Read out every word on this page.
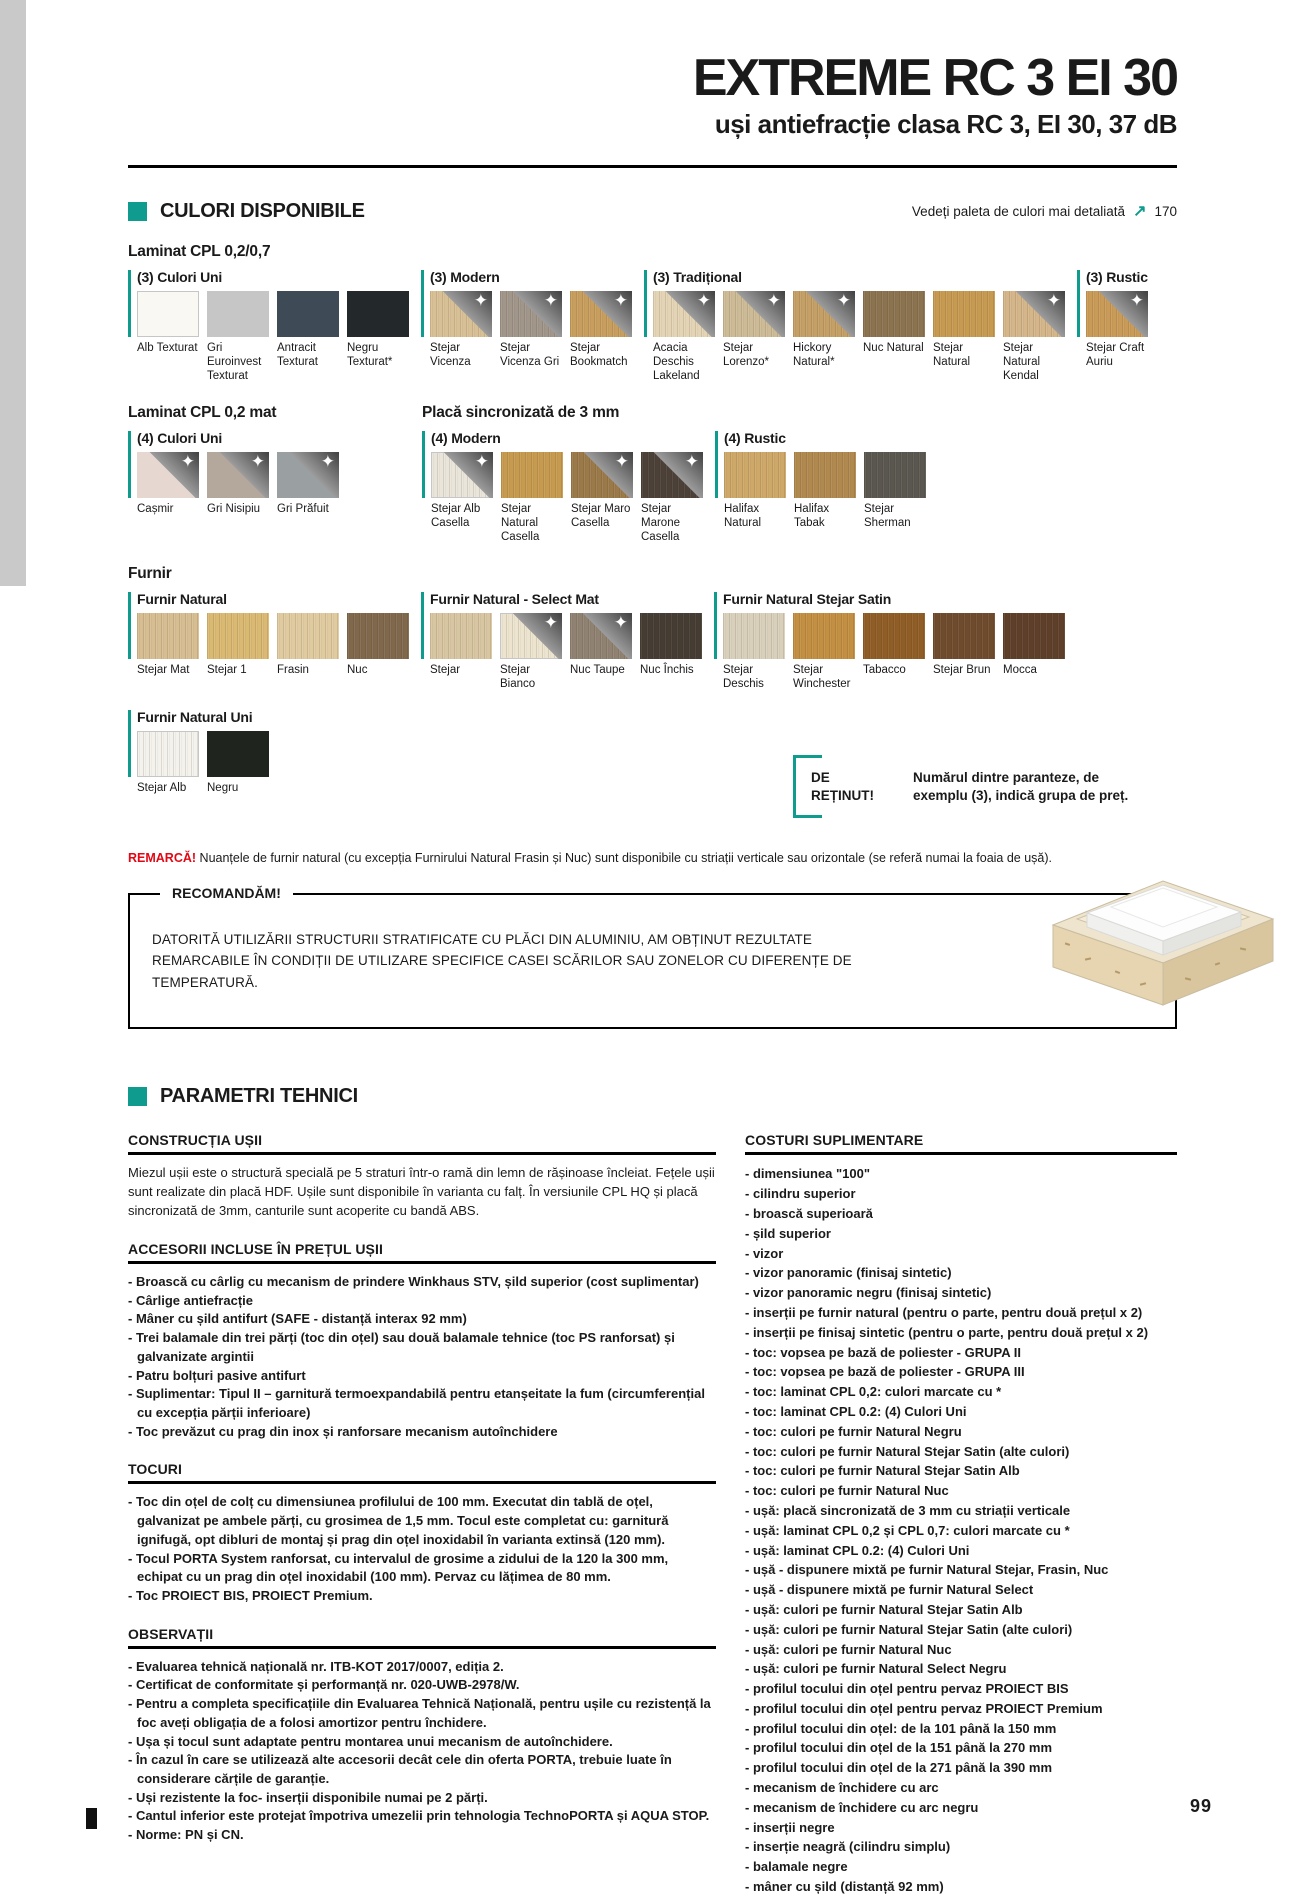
EXTREME RC 3 EI 30
uși antiefracție clasa RC 3, EI 30, 37 dB
CULORI DISPONIBILE	Vedeți paleta de culori mai detaliată ↗ 170
Laminat CPL 0,2/0,7
(3) Culori Uni
Alb Texturat Gri Euroinvest Texturat
Antracit Texturat
Negru Texturat*
(3) Modern
✦	✦	✦
Stejar Vicenza
Stejar Vicenza Gri
Stejar Bookmatch
(3) Tradițional
✦	✦	✦	✦
Acacia Deschis Lakeland
Stejar Lorenzo*
Hickory Natural*
Nuc Natural Stejar Natural
Stejar Natural Kendal
(3) Rustic
✦
Stejar Craft Auriu
Laminat CPL 0,2 mat
(4) Culori Uni
✦	✦	✦
Cașmir	Gri Nisipiu	Gri Prăfuit
Placă sincronizată de 3 mm
(4) Modern
✦	✦	✦
Stejar Alb Casella
Stejar Natural Casella
Stejar Maro Casella
Stejar Marone Casella
(4) Rustic
Halifax Natural
Halifax Tabak
Stejar Sherman
Furnir
Furnir Natural
Stejar Mat	Stejar 1	Frasin	Nuc
Furnir Natural - Select Mat
✦	✦
Stejar	Stejar Bianco
Nuc Taupe	Nuc Închis
Furnir Natural Stejar Satin
Stejar Deschis
Stejar Winchester
Tabacco	Stejar Brun	Mocca
Furnir Natural Uni
Stejar Alb	Negru
DE REȚINUT!
Numărul dintre paranteze, de exemplu (3), indică grupa de preț.
REMARCĂ! Nuanțele de furnir natural (cu excepția Furnirului Natural Frasin și Nuc) sunt disponibile cu striații verticale sau orizontale (se referă numai la foaia de ușă).
RECOMANDĂM!
DATORITĂ UTILIZĂRII STRUCTURII STRATIFICATE CU PLĂCI DIN ALUMINIU, AM OBȚINUT REZULTATE REMARCABILE ÎN CONDIȚII DE UTILIZARE SPECIFICE CASEI SCĂRILOR SAU ZONELOR CU DIFERENȚE DE TEMPERATURĂ.
PARAMETRI TEHNICI
CONSTRUCȚIA UȘII

Miezul ușii este o structură specială pe 5 straturi într-o ramă din lemn de rășinoase încleiat. Fețele ușii sunt realizate din placă HDF. Ușile sunt disponibile în varianta cu falț. În versiunile CPL HQ și placă sincronizată de 3mm, canturile sunt acoperite cu bandă ABS.

ACCESORII INCLUSE ÎN PREȚUL UȘII
- Broască cu cârlig cu mecanism de prindere Winkhaus STV, șild superior (cost suplimentar)
- Cârlige antiefracție
- Mâner cu șild antifurt (SAFE - distanță interax 92 mm)
- Trei balamale din trei părți (toc din oțel) sau două balamale tehnice (toc PS ranforsat) și galvanizate argintii
- Patru bolțuri pasive antifurt
- Suplimentar: Tipul II – garnitură termoexpandabilă pentru etanșeitate la fum (circumferențial cu excepția părții inferioare)
- Toc prevăzut cu prag din inox și ranforsare mecanism autoînchidere
TOCURI
- Toc din oțel de colț cu dimensiunea profilului de 100 mm. Executat din tablă de oțel, galvanizat pe ambele părți, cu grosimea de 1,5 mm. Tocul este completat cu: garnitură ignifugă, opt dibluri de montaj și prag din oțel inoxidabil în varianta extinsă (120 mm).
- Tocul PORTA System ranforsat, cu intervalul de grosime a zidului de la 120 la 300 mm, echipat cu un prag din oțel inoxidabil (100 mm). Pervaz cu lățimea de 80 mm.
- Toc PROIECT BIS, PROIECT Premium.
OBSERVAȚII
- Evaluarea tehnică națională nr. ITB-KOT 2017/0007, ediția 2.
- Certificat de conformitate și performanță nr. 020-UWB-2978/W.
- Pentru a completa specificațiile din Evaluarea Tehnică Națională, pentru ușile cu rezistență la foc aveți obligația de a folosi amortizor pentru închidere.
- Ușa și tocul sunt adaptate pentru montarea unui mecanism de autoînchidere.
- În cazul în care se utilizează alte accesorii decât cele din oferta PORTA, trebuie luate în considerare cărțile de garanție.
- Uși rezistente la foc- inserții disponibile numai pe 2 părți.
- Cantul inferior este protejat împotriva umezelii prin tehnologia TechnoPORTA și AQUA STOP.
- Norme: PN și CN.
COSTURI SUPLIMENTARE
- dimensiunea "100"
- cilindru superior
- broască superioară
- șild superior
- vizor
- vizor panoramic (finisaj sintetic)
- vizor panoramic negru (finisaj sintetic)
- inserții pe furnir natural (pentru o parte, pentru două prețul x 2)
- inserții pe finisaj sintetic (pentru o parte, pentru două prețul x 2)
- toc: vopsea pe bază de poliester - GRUPA II
- toc: vopsea pe bază de poliester - GRUPA III
- toc: laminat CPL 0,2: culori marcate cu *
- toc: laminat CPL 0.2: (4) Culori Uni
- toc: culori pe furnir Natural Negru
- toc: culori pe furnir Natural Stejar Satin (alte culori)
- toc: culori pe furnir Natural Stejar Satin Alb
- toc: culori pe furnir Natural Nuc
- ușă: placă sincronizată de 3 mm cu striații verticale
- ușă: laminat CPL 0,2 și CPL 0,7: culori marcate cu *
- ușă: laminat CPL 0.2: (4) Culori Uni
- ușă - dispunere mixtă pe furnir Natural Stejar, Frasin, Nuc
- ușă - dispunere mixtă pe furnir Natural Select
- ușă: culori pe furnir Natural Stejar Satin Alb
- ușă: culori pe furnir Natural Stejar Satin (alte culori)
- ușă: culori pe furnir Natural Nuc
- ușă: culori pe furnir Natural Select Negru
- profilul tocului din oțel pentru pervaz PROIECT BIS
- profilul tocului din oțel pentru pervaz PROIECT Premium
- profilul tocului din oțel: de la 101 până la 150 mm
- profilul tocului din oțel de la 151 până la 270 mm
- profilul tocului din oțel de la 271 până la 390 mm
- mecanism de închidere cu arc
- mecanism de închidere cu arc negru
- inserții negre
- inserție neagră (cilindru simplu)
- balamale negre
- mâner cu șild (distanță 92 mm)
99
